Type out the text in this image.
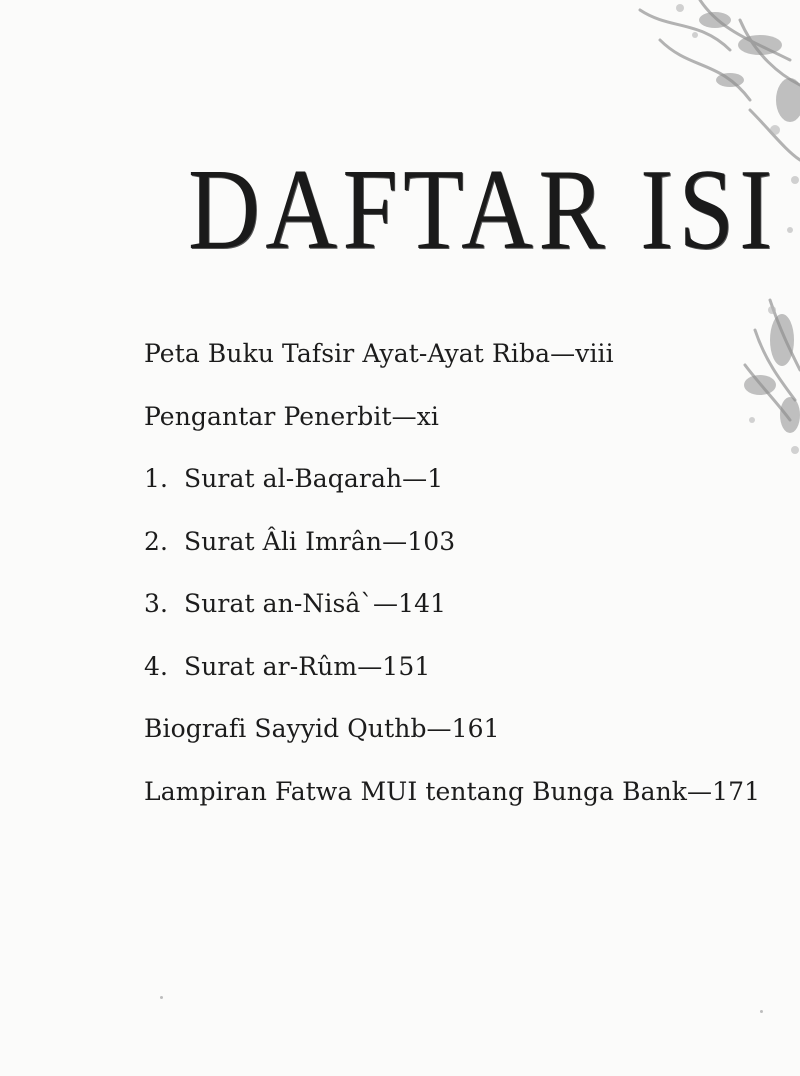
DAFTAR ISI
Peta Buku Tafsir Ayat-Ayat Riba—viii
Pengantar Penerbit—xi
1. Surat al-Baqarah—1
2. Surat Âli Imrân—103
3. Surat an-Nisâ`—141
4. Surat ar-Rûm—151
Biografi Sayyid Quthb—161
Lampiran Fatwa MUI tentang Bunga Bank—171
